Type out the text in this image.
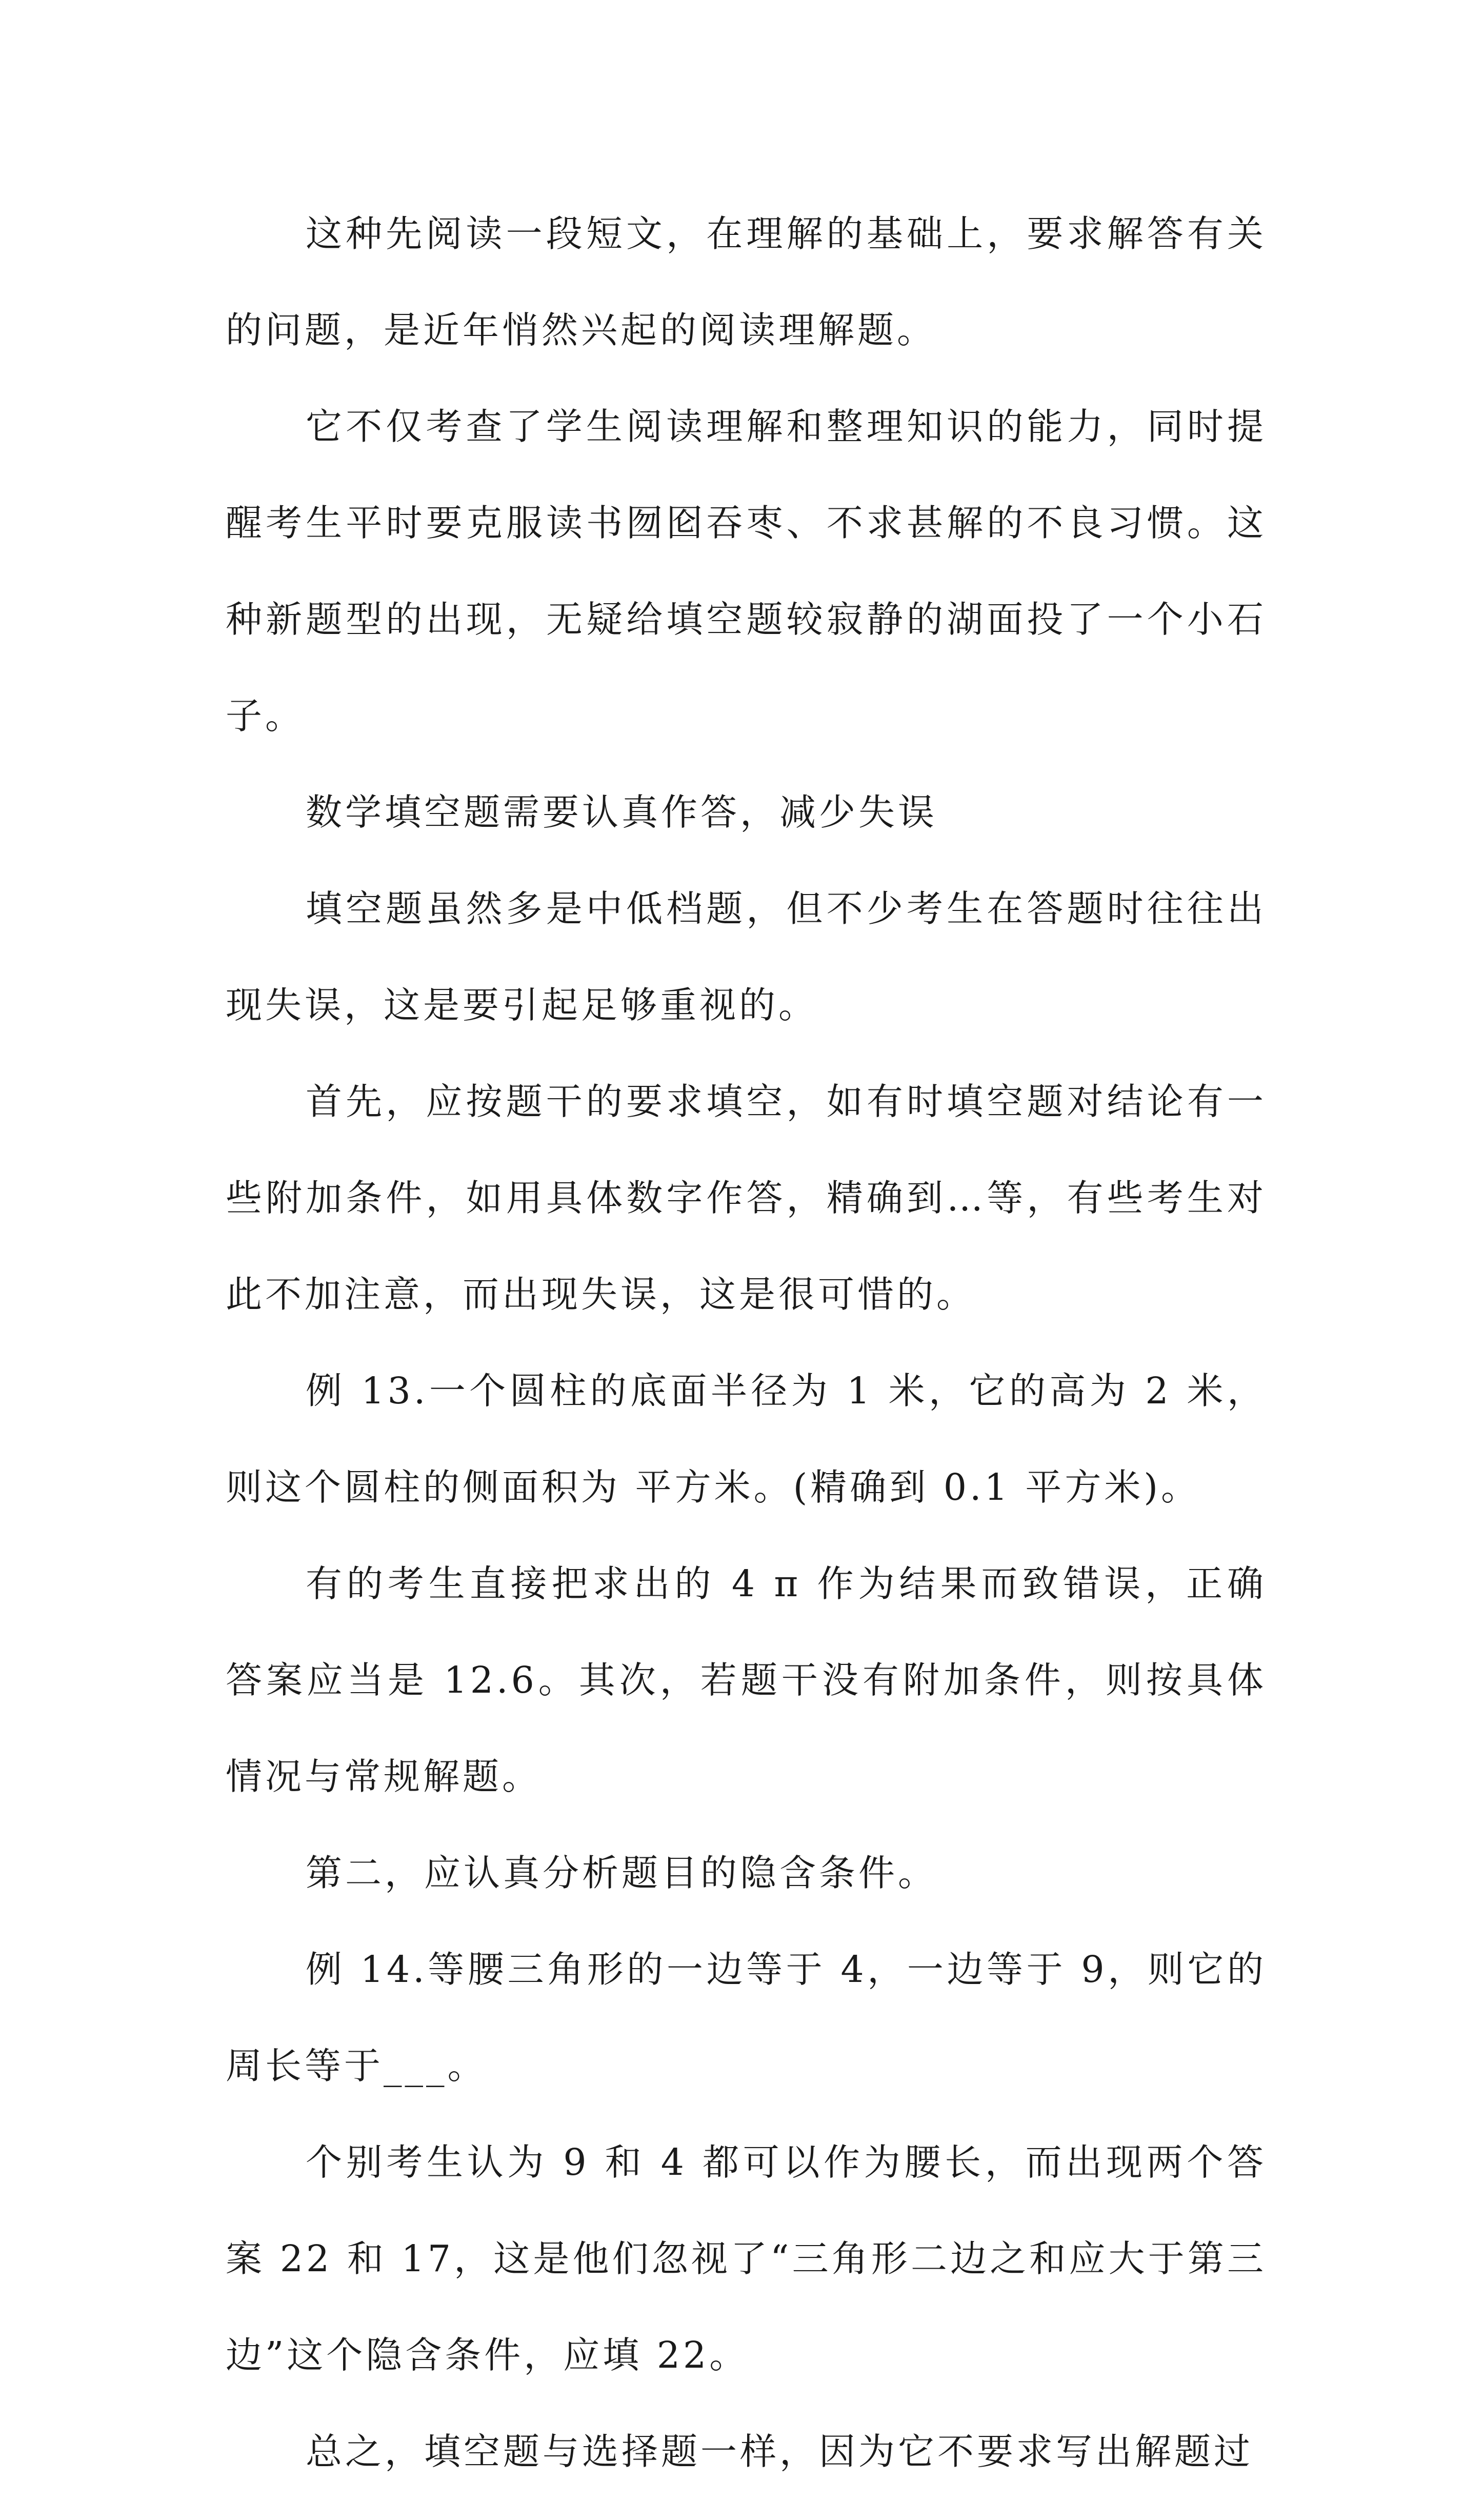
这种先阅读一段短文，在理解的基础上，要求解答有关的问题，是近年悄然兴起的阅读理解题。

它不仅考查了学生阅读理解和整理知识的能力，同时提醒考生平时要克服读书囫囵吞枣、不求甚解的不良习惯。这种新题型的出现，无疑给填空题较寂静的湖面投了一个小石子。

数学填空题需要认真作答，减少失误

填空题虽然多是中低档题，但不少考生在答题时往往出现失误，这是要引起足够重视的。

首先，应按题干的要求填空，如有时填空题对结论有一些附加条件，如用具体数字作答，精确到…等，有些考生对此不加注意，而出现失误，这是很可惜的。

例 13.一个圆柱的底面半径为 1 米，它的高为 2 米，则这个圆柱的侧面积为 平方米。(精确到 0.1 平方米)。

有的考生直接把求出的 4 π 作为结果而致错误，正确答案应当是 12.6。其次，若题干没有附加条件，则按具体情况与常规解题。

第二，应认真分析题目的隐含条件。

例 14.等腰三角形的一边等于 4，一边等于 9，则它的周长等于___。

个别考生认为 9 和 4 都可以作为腰长，而出现两个答案 22 和 17，这是他们忽视了“三角形二边之和应大于第三边”这个隐含条件，应填 22。

总之，填空题与选择题一样，因为它不要求写出解题过
